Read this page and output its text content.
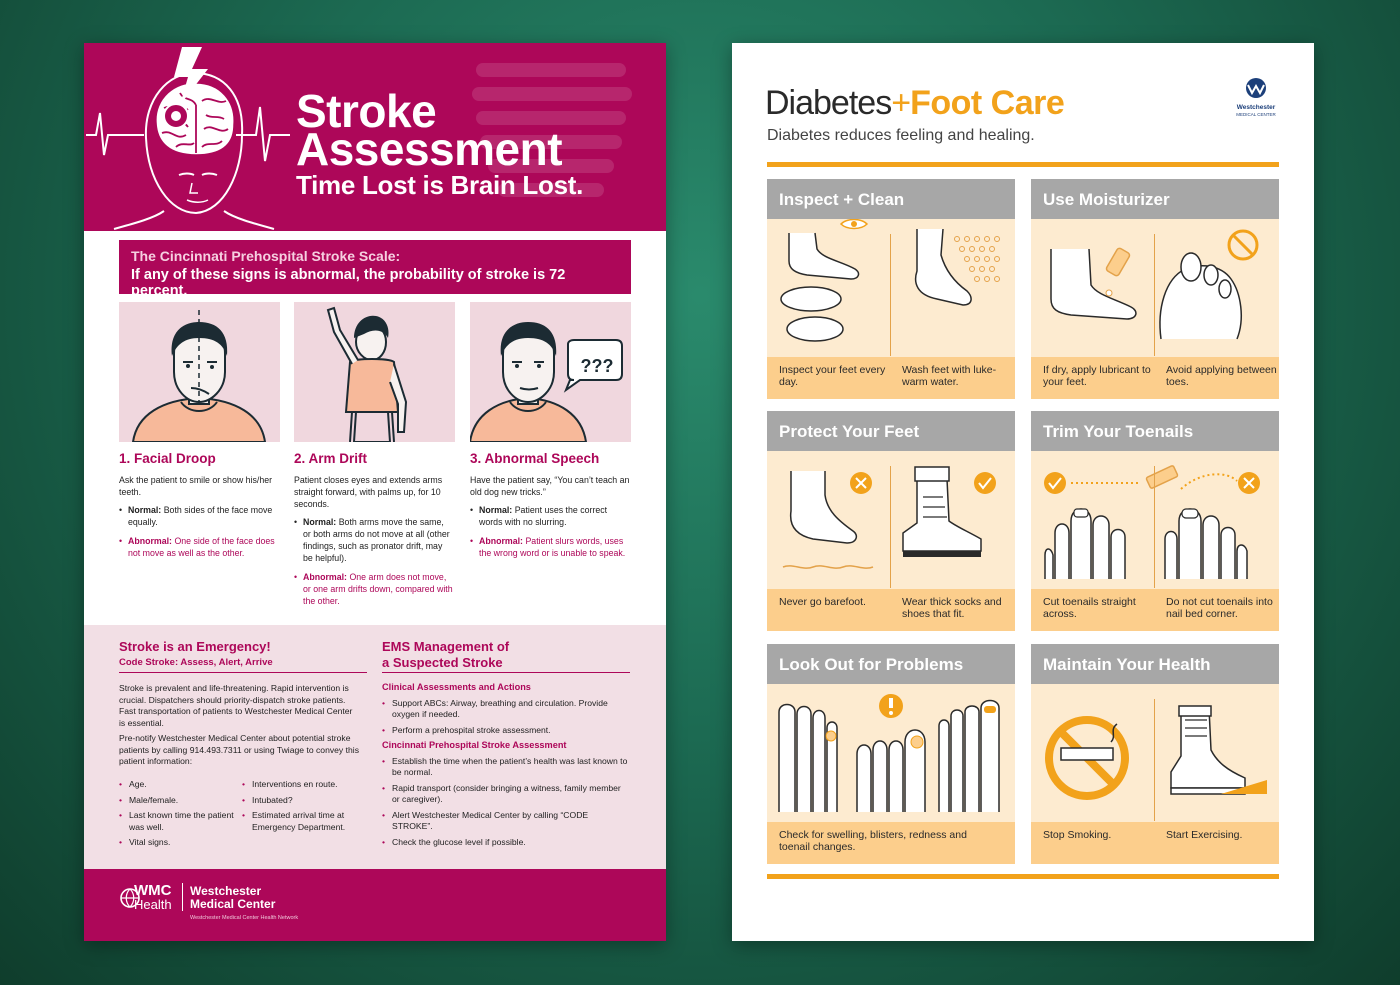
Stroke
Assessment
Time Lost is Brain Lost.
The Cincinnati Prehospital Stroke Scale:
If any of these signs is abnormal, the probability of stroke is 72 percent.
???
1. Facial Droop

Ask the patient to smile or show his/her teeth.

• Normal: Both sides of the face move equally.
• Abnormal: One side of the face does not move as well as the other.
2. Arm Drift

Patient closes eyes and extends arms straight forward, with palms up, for 10 seconds.

• Normal: Both arms move the same, or both arms do not move at all (other findings, such as pronator drift, may be helpful).
• Abnormal: One arm does not move, or one arm drifts down, compared with the other.
3. Abnormal Speech

Have the patient say, “You can’t teach an old dog new tricks.”

• Normal: Patient uses the correct words with no slurring.
• Abnormal: Patient slurs words, uses the wrong word or is unable to speak.
Stroke is an Emergency!
Code Stroke: Assess, Alert, Arrive

Stroke is prevalent and life-threatening. Rapid intervention is crucial. Dispatchers should priority-dispatch stroke patients. Fast transportation of patients to Westchester Medical Center is essential.

Pre-notify Westchester Medical Center about potential stroke patients by calling 914.493.7311 or using Twiage to convey this patient information:

• Age.
• Male/female.
• Last known time the patient was well.
• Vital signs.
• Interventions en route.
• Intubated?
• Estimated arrival time at Emergency Department.
EMS Management of
a Suspected Stroke
Clinical Assessments and Actions
• Support ABCs: Airway, breathing and circulation. Provide oxygen if needed.
• Perform a prehospital stroke assessment.
Cincinnati Prehospital Stroke Assessment
• Establish the time when the patient’s health was last known to be normal.
• Rapid transport (consider bringing a witness, family member or caregiver).
• Alert Westchester Medical Center by calling “CODE STROKE”.
• Check the glucose level if possible.
WMC
Health
Westchester
Medical Center
Westchester Medical Center Health Network
Diabetes+Foot Care
Diabetes reduces feeling and healing.
Westchester
MEDICAL CENTER
Inspect + Clean
Inspect your feet every day.
Wash feet with luke-warm water.
Use Moisturizer
If dry, apply lubricant to your feet.
Avoid applying between toes.
Protect Your Feet
Never go barefoot.	Wear thick socks and shoes that fit.
Trim Your Toenails
Cut toenails straight across.
Do not cut toenails into nail bed corner.
Look Out for Problems
Check for swelling, blisters, redness and toenail changes.
Maintain Your Health
Stop Smoking.	Start Exercising.
